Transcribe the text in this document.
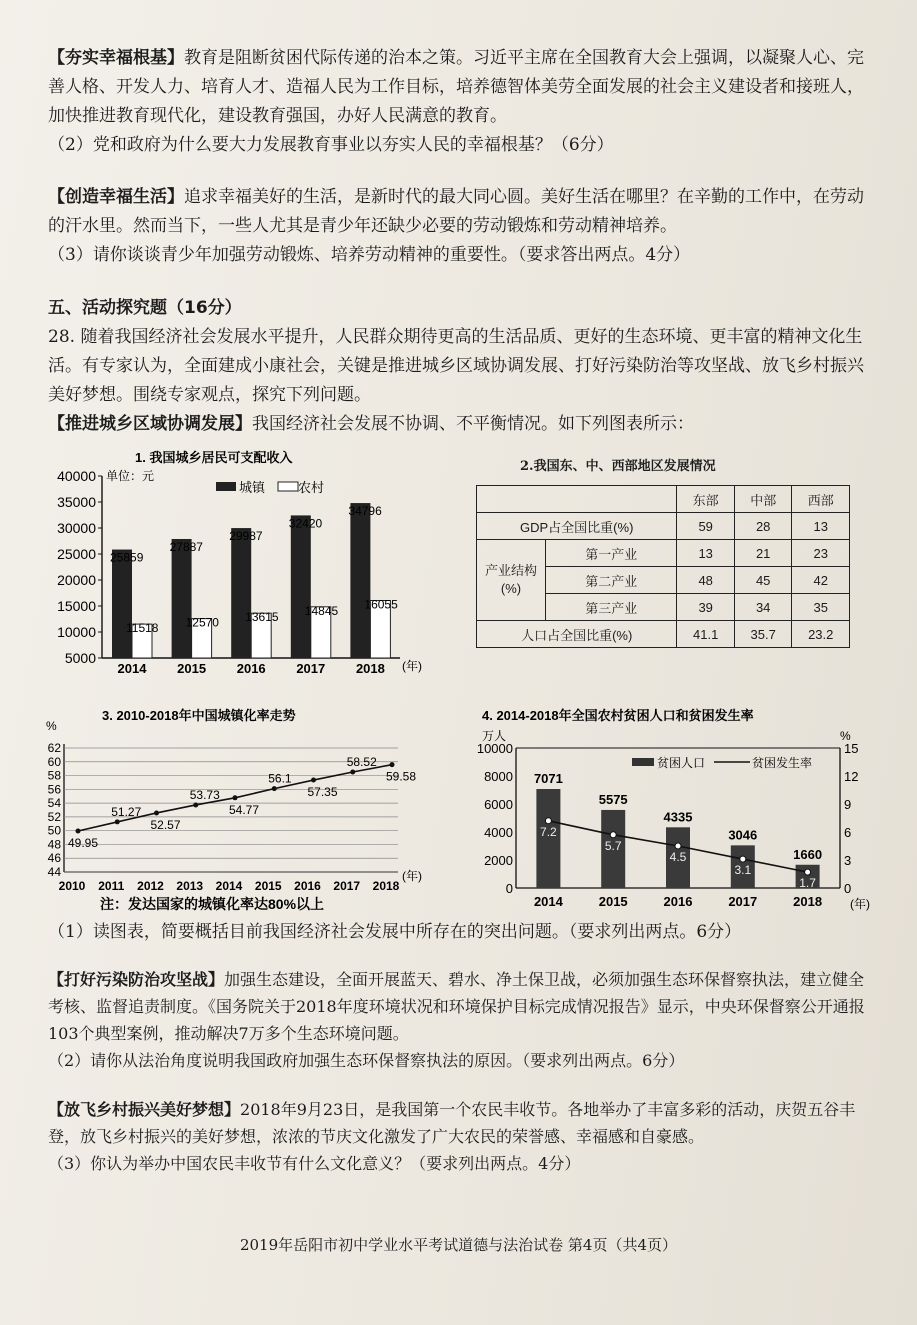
【夯实幸福根基】教育是阻断贫困代际传递的治本之策。习近平主席在全国教育大会上强调，以凝聚人心、完善人格、开发人力、培育人才、造福人民为工作目标，培养德智体美劳全面发展的社会主义建设者和接班人，加快推进教育现代化，建设教育强国，办好人民满意的教育。
（2）党和政府为什么要大力发展教育事业以夯实人民的幸福根基？（6分）
【创造幸福生活】追求幸福美好的生活，是新时代的最大同心圆。美好生活在哪里？在辛勤的工作中，在劳动的汗水里。然而当下，一些人尤其是青少年还缺少必要的劳动锻炼和劳动精神培养。
（3）请你谈谈青少年加强劳动锻炼、培养劳动精神的重要性。（要求答出两点。4分）
五、活动探究题（16分）
28. 随着我国经济社会发展水平提升，人民群众期待更高的生活品质、更好的生态环境、更丰富的精神文化生活。有专家认为，全面建成小康社会，关键是推进城乡区域协调发展、打好污染防治等攻坚战、放飞乡村振兴美好梦想。围绕专家观点，探究下列问题。
【推进城乡区域协调发展】我国经济社会发展不协调、不平衡情况。如下列图表所示：
1. 我国城乡居民可支配收入
单位：元
5000
10000
15000
20000
25000
30000
35000
40000
城镇	农村
25859
11518
2014
27887
12570
2015
29987
13615
2016
32420
14845
2017
34796
16055
2018 (年)
2.我国东、中、西部地区发展情况
		东部	中部	西部
GDP占全国比重(%)		59	28	13
产业结构
(%)	第一产业	13	21	23
	第二产业	48	45	42
	第三产业	39	34	35
人口占全国比重(%)		41.1	35.7	23.2
3. 2010-2018年中国城镇化率走势
%
44
46
48
50
52
54
56
58
60
62
49.95
51.27
52.57
53.73
54.77
56.1
57.35
58.52
59.58
2010 2011 2012 2013 2014 2015 2016 2017 2018
(年)
注：发达国家的城镇化率达80%以上
4. 2014-2018年全国农村贫困人口和贫困发生率
万人	%
0
2000
4000
6000
8000
10000
0
3
6
9
12
15
贫困人口	贫困发生率
7071
7.2
2014
5575
5.7
2015
4335
4.5
2016
3046
3.1
2017
1660
1.7
2018 (年)
（1）读图表，简要概括目前我国经济社会发展中所存在的突出问题。（要求列出两点。6分）
【打好污染防治攻坚战】加强生态建设，全面开展蓝天、碧水、净土保卫战，必须加强生态环保督察执法，建立健全考核、监督追责制度。《国务院关于2018年度环境状况和环境保护目标完成情况报告》显示，中央环保督察公开通报103个典型案例，推动解决7万多个生态环境问题。
（2）请你从法治角度说明我国政府加强生态环保督察执法的原因。（要求列出两点。6分）
【放飞乡村振兴美好梦想】2018年9月23日，是我国第一个农民丰收节。各地举办了丰富多彩的活动，庆贺五谷丰登，放飞乡村振兴的美好梦想，浓浓的节庆文化激发了广大农民的荣誉感、幸福感和自豪感。
（3）你认为举办中国农民丰收节有什么文化意义？（要求列出两点。4分）
2019年岳阳市初中学业水平考试道德与法治试卷 第4页（共4页）
